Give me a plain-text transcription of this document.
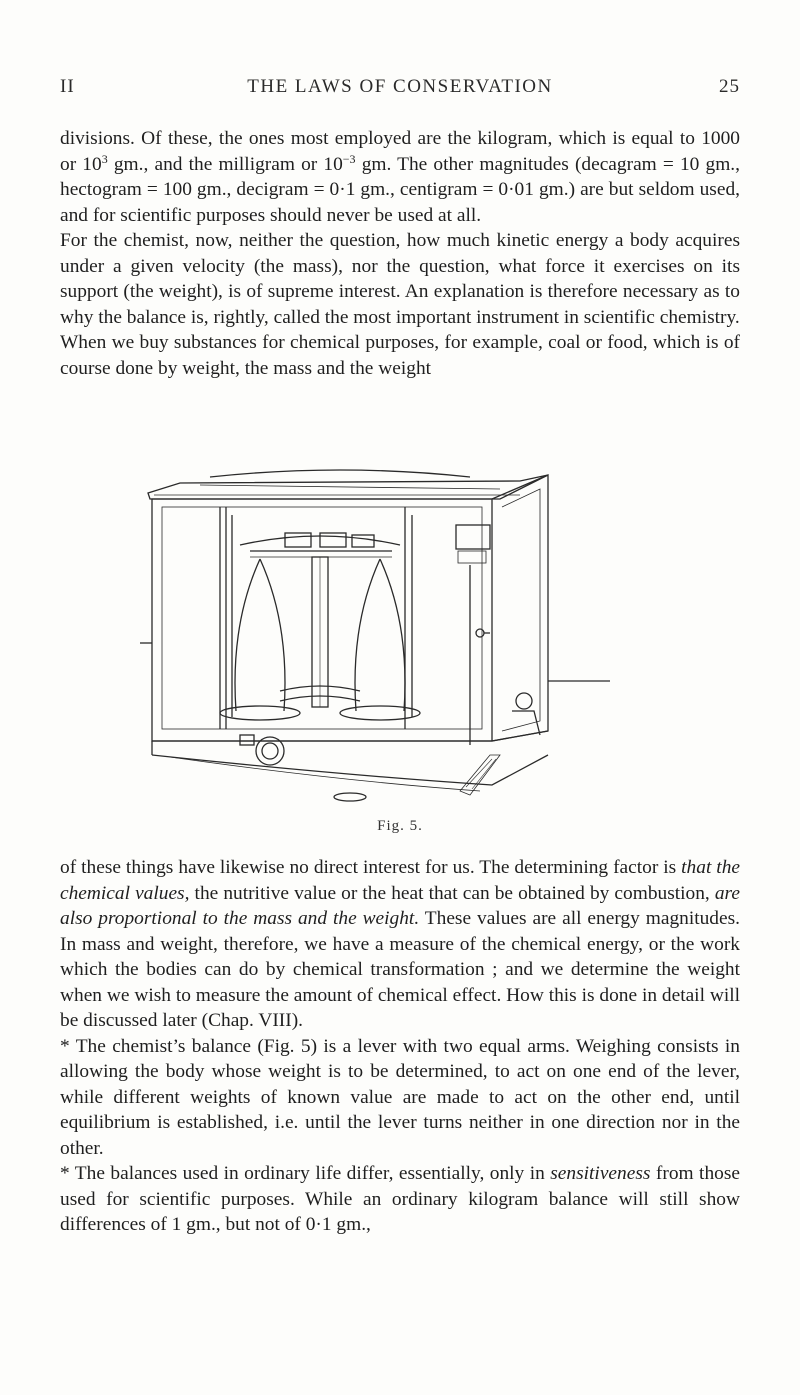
II	THE LAWS OF CONSERVATION	25

divisions. Of these, the ones most employed are the kilogram, which is equal to 1000 or $10^3$ gm., and the milligram or $10^{-3}$ gm. The other magnitudes (decagram = 10 gm., hectogram = 100 gm., decigram = 0·1 gm., centigram = 0·01 gm.) are but seldom used, and for scientific purposes should never be used at all.

For the chemist, now, neither the question, how much kinetic energy a body acquires under a given velocity (the mass), nor the question, what force it exercises on its support (the weight), is of supreme interest. An explanation is therefore necessary as to why the balance is, rightly, called the most important instrument in scientific chemistry.

When we buy substances for chemical purposes, for example, coal or food, which is of course done by weight, the mass and the weight

Fig. 5.

of these things have likewise no direct interest for us. The determining factor is that the chemical values, the nutritive value or the heat that can be obtained by combustion, are also proportional to the mass and the weight. These values are all energy magnitudes. In mass and weight, therefore, we have a measure of the chemical energy, or the work which the bodies can do by chemical transformation ; and we determine the weight when we wish to measure the amount of chemical effect. How this is done in detail will be discussed later (Chap. VIII).

* The chemist’s balance (Fig. 5) is a lever with two equal arms. Weighing consists in allowing the body whose weight is to be determined, to act on one end of the lever, while different weights of known value are made to act on the other end, until equilibrium is established, i.e. until the lever turns neither in one direction nor in the other.

* The balances used in ordinary life differ, essentially, only in sensitiveness from those used for scientific purposes. While an ordinary kilogram balance will still show differences of 1 gm., but not of 0·1 gm.,
